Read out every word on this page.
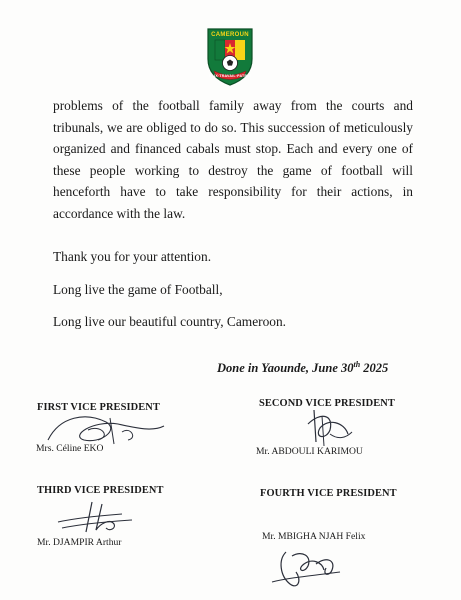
CAMEROUN
PAIX·TRAVAIL·PATRIE
problems of the football family away from the courts and tribunals, we are obliged to do so. This succession of meticulously organized and financed cabals must stop. Each and every one of these people working to destroy the game of football will henceforth have to take responsibility for their actions, in accordance with the law.
Thank you for your attention.
Long live the game of Football,
Long live our beautiful country, Cameroon.
Done in Yaounde, June 30th 2025
FIRST VICE PRESIDENT
Mrs. Céline EKO
SECOND VICE PRESIDENT
Mr. ABDOULI KARIMOU
THIRD VICE PRESIDENT
Mr. DJAMPIR Arthur
FOURTH VICE PRESIDENT
Mr. MBIGHA NJAH Felix
